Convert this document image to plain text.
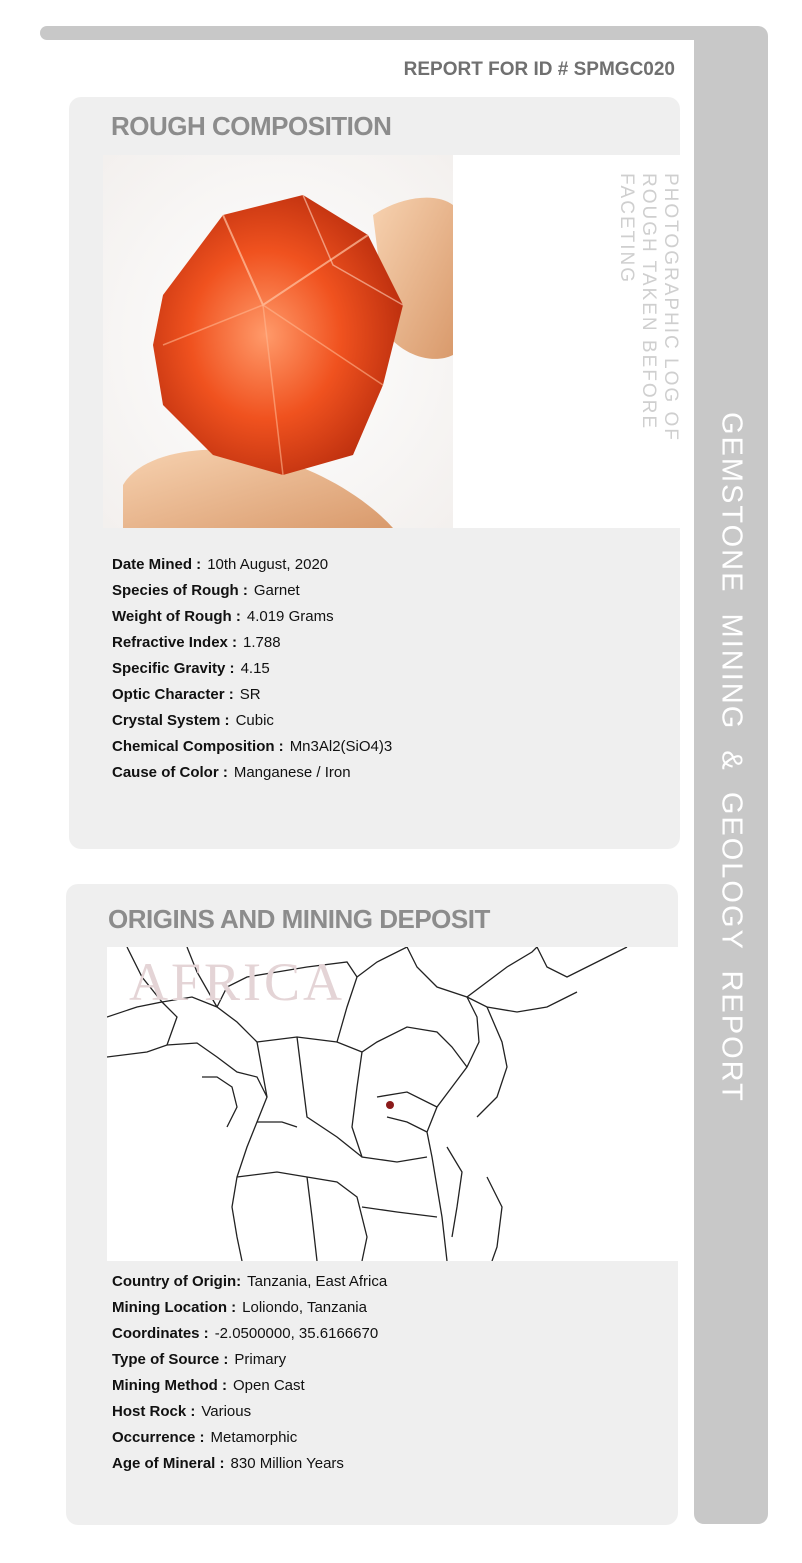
GEMSTONE  MINING  &  GEOLOGY  REPORT
REPORT FOR ID # SPMGC020
ROUGH COMPOSITION
PHOTOGRAPHIC LOG OF ROUGH TAKEN BEFORE FACETING
Date Mined : 10th August, 2020
Species of Rough : Garnet
Weight of Rough : 4.019 Grams
Refractive Index : 1.788
Specific Gravity : 4.15
Optic Character : SR
Crystal System : Cubic
Chemical Composition : Mn3Al2(SiO4)3
Cause of Color : Manganese / Iron
ORIGINS AND MINING DEPOSIT
AFRICA
Country of Origin: Tanzania, East Africa
Mining Location : Loliondo, Tanzania
Coordinates : -2.0500000, 35.6166670
Type of Source : Primary
Mining Method : Open Cast
Host Rock : Various
Occurrence : Metamorphic
Age of Mineral : 830 Million Years
